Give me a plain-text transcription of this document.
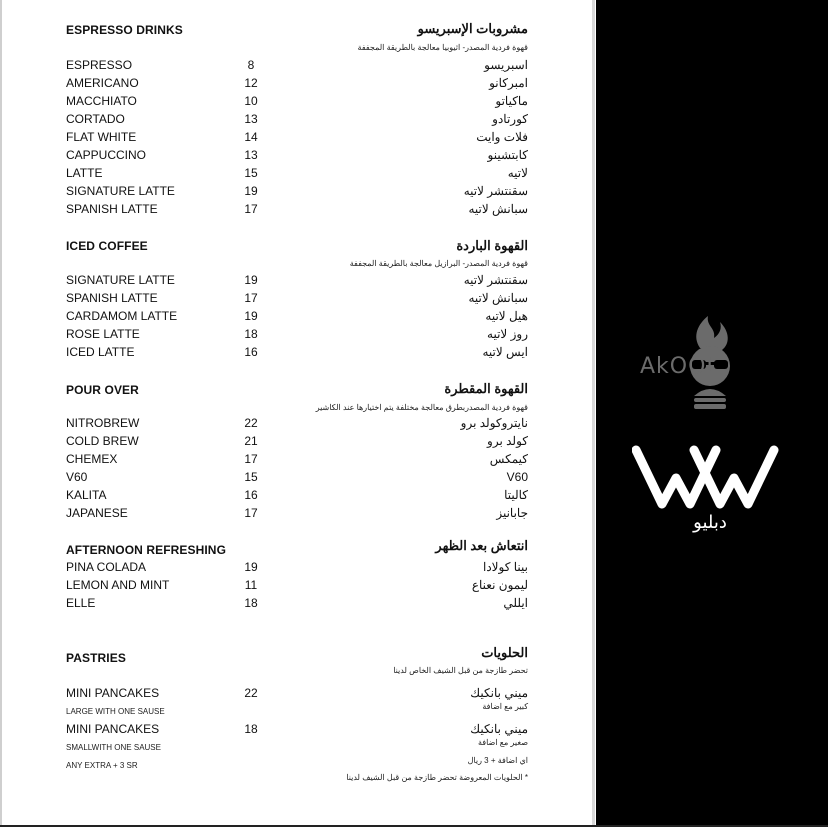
ESPRESSO DRINKS	مشروبات الإسبريسو
قهوة فردية المصدر- اثيوبيا معالجة بالطريقة المجففة
ESPRESSO	8	اسبريسو
AMERICANO	12	امبركانو
MACCHIATO	10	ماكياتو
CORTADO	13	كورتادو
FLAT WHITE	14	فلات وايت
CAPPUCCINO	13	كابتشينو
LATTE	15	لاتيه
SIGNATURE LATTE	19	سقنتشر لاتيه
SPANISH LATTE	17	سبانش لاتيه
ICED COFFEE	القهوة الباردة
قهوة فردية المصدر- البرازيل معالجة بالطريقة المجففة
SIGNATURE LATTE	19	سقنتشر لاتيه
SPANISH LATTE	17	سبانش لاتيه
CARDAMOM LATTE	19	هيل لاتيه
ROSE LATTE	18	روز لاتيه
ICED LATTE	16	ايس لاتيه
POUR OVER	القهوة المقطرة
قهوة فردية المصدربطرق معالجة مختلفة يتم اختيارها عند الكاشير
NITROBREW	22	نايتروكولد برو
COLD BREW	21	كولد برو
CHEMEX	17	كيمكس
V60	15	V60
KALITA	16	كاليتا
JAPANESE	17	جابانيز
AFTERNOON REFRESHING	انتعاش بعد الظهر
PINA COLADA	19	بينا كولادا
LEMON AND MINT	11	ليمون نعناع
ELLE	18	ايللي
PASTRIES	الحلويات
تحضر طازجة من قبل الشيف الخاص لدينا
MINI PANCAKES	22	ميني بانكيك
LARGE WITH ONE SAUSE
كبير مع اضافة
MINI PANCAKES	18	ميني بانكيك
SMALLWITH ONE SAUSE
صغير مع اضافة
ANY EXTRA + 3 SR
اي اضافة + 3 ريال
* الحلويات المعروضة تحضر طازجة من قبل الشيف لدينا
AkOOL
دبليو
